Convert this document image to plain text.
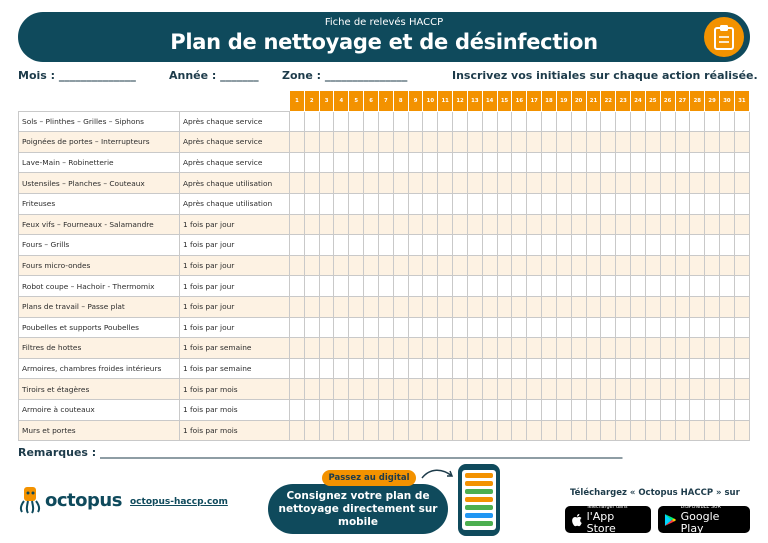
Fiche de relevés HACCP
Plan de nettoyage et de désinfection
Mois : ______________	Année : _______ Zone : _______________	Inscrivez vos initiales sur chaque action réalisée.
		1	2	3	4	5	6	7	8	9	10	11	12	13	14	15	16	17	18	19	20	21	22	23	24	25	26	27	28	29	30	31
Sols – Plinthes – Grilles – Siphons	Après chaque service																															
Poignées de portes – Interrupteurs	Après chaque service																															
Lave-Main – Robinetterie	Après chaque service																															
Ustensiles – Planches – Couteaux	Après chaque utilisation																															
Friteuses	Après chaque utilisation																															
Feux vifs – Fourneaux - Salamandre	1 fois par jour																															
Fours – Grills	1 fois par jour																															
Fours micro-ondes	1 fois par jour																															
Robot coupe – Hachoir - Thermomix	1 fois par jour																															
Plans de travail – Passe plat	1 fois par jour																															
Poubelles et supports Poubelles	1 fois par jour																															
Filtres de hottes	1 fois par semaine																															
Armoires, chambres froides intérieurs	1 fois par semaine																															
Tiroirs et étagères	1 fois par mois																															
Armoire à couteaux	1 fois par mois																															
Murs et portes	1 fois par mois																															
Remarques : _______________________________________________________________________________________________
octopus octopus-haccp.com	Consignez votre plan de nettoyage directement sur mobile
Passez au digital
Téléchargez « Octopus HACCP » sur
Télécharger dans
l'App Store
DISPONIBLE SUR
Google Play
